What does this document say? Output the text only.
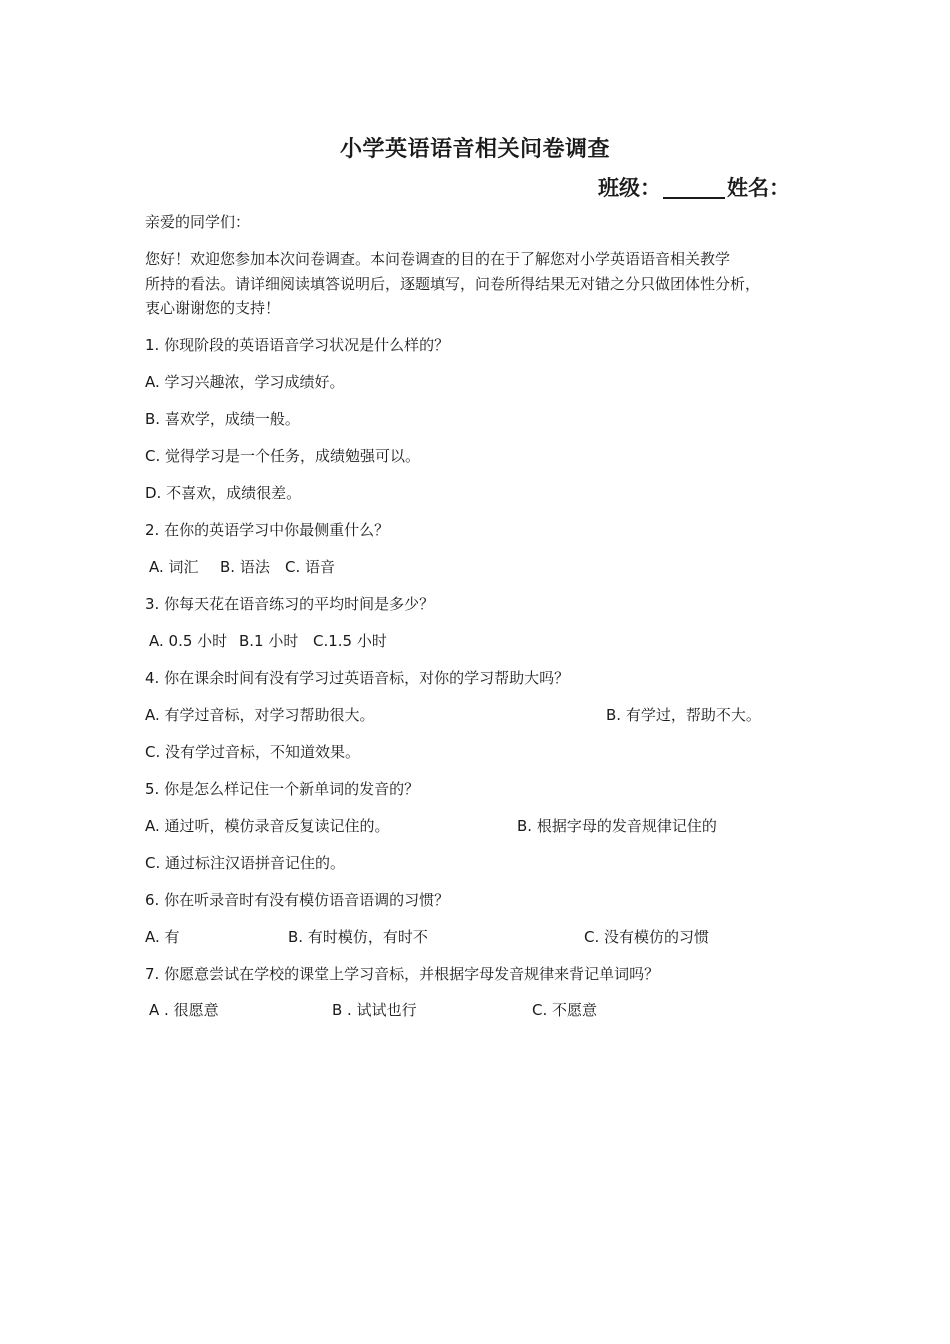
小学英语语音相关问卷调查
班级：	姓名：
亲爱的同学们：
您好！欢迎您参加本次问卷调查。本问卷调查的目的在于了解您对小学英语语音相关教学
所持的看法。请详细阅读填答说明后，逐题填写，问卷所得结果无对错之分只做团体性分析，
衷心谢谢您的支持！
1. 你现阶段的英语语音学习状况是什么样的？
A. 学习兴趣浓，学习成绩好。
B. 喜欢学，成绩一般。
C. 觉得学习是一个任务，成绩勉强可以。
D. 不喜欢，成绩很差。
2. 在你的英语学习中你最侧重什么？
A. 词汇 B. 语法 C. 语音
3. 你每天花在语音练习的平均时间是多少？
A. 0.5 小时 B.1 小时 C.1.5 小时
4. 你在课余时间有没有学习过英语音标，对你的学习帮助大吗？
A. 有学过音标，对学习帮助很大。	B. 有学过，帮助不大。
C. 没有学过音标，不知道效果。
5. 你是怎么样记住一个新单词的发音的？
A. 通过听，模仿录音反复读记住的。	B. 根据字母的发音规律记住的
C. 通过标注汉语拼音记住的。
6. 你在听录音时有没有模仿语音语调的习惯？
A. 有	B. 有时模仿，有时不	C. 没有模仿的习惯
7. 你愿意尝试在学校的课堂上学习音标，并根据字母发音规律来背记单词吗？
A . 很愿意	B . 试试也行	C. 不愿意
